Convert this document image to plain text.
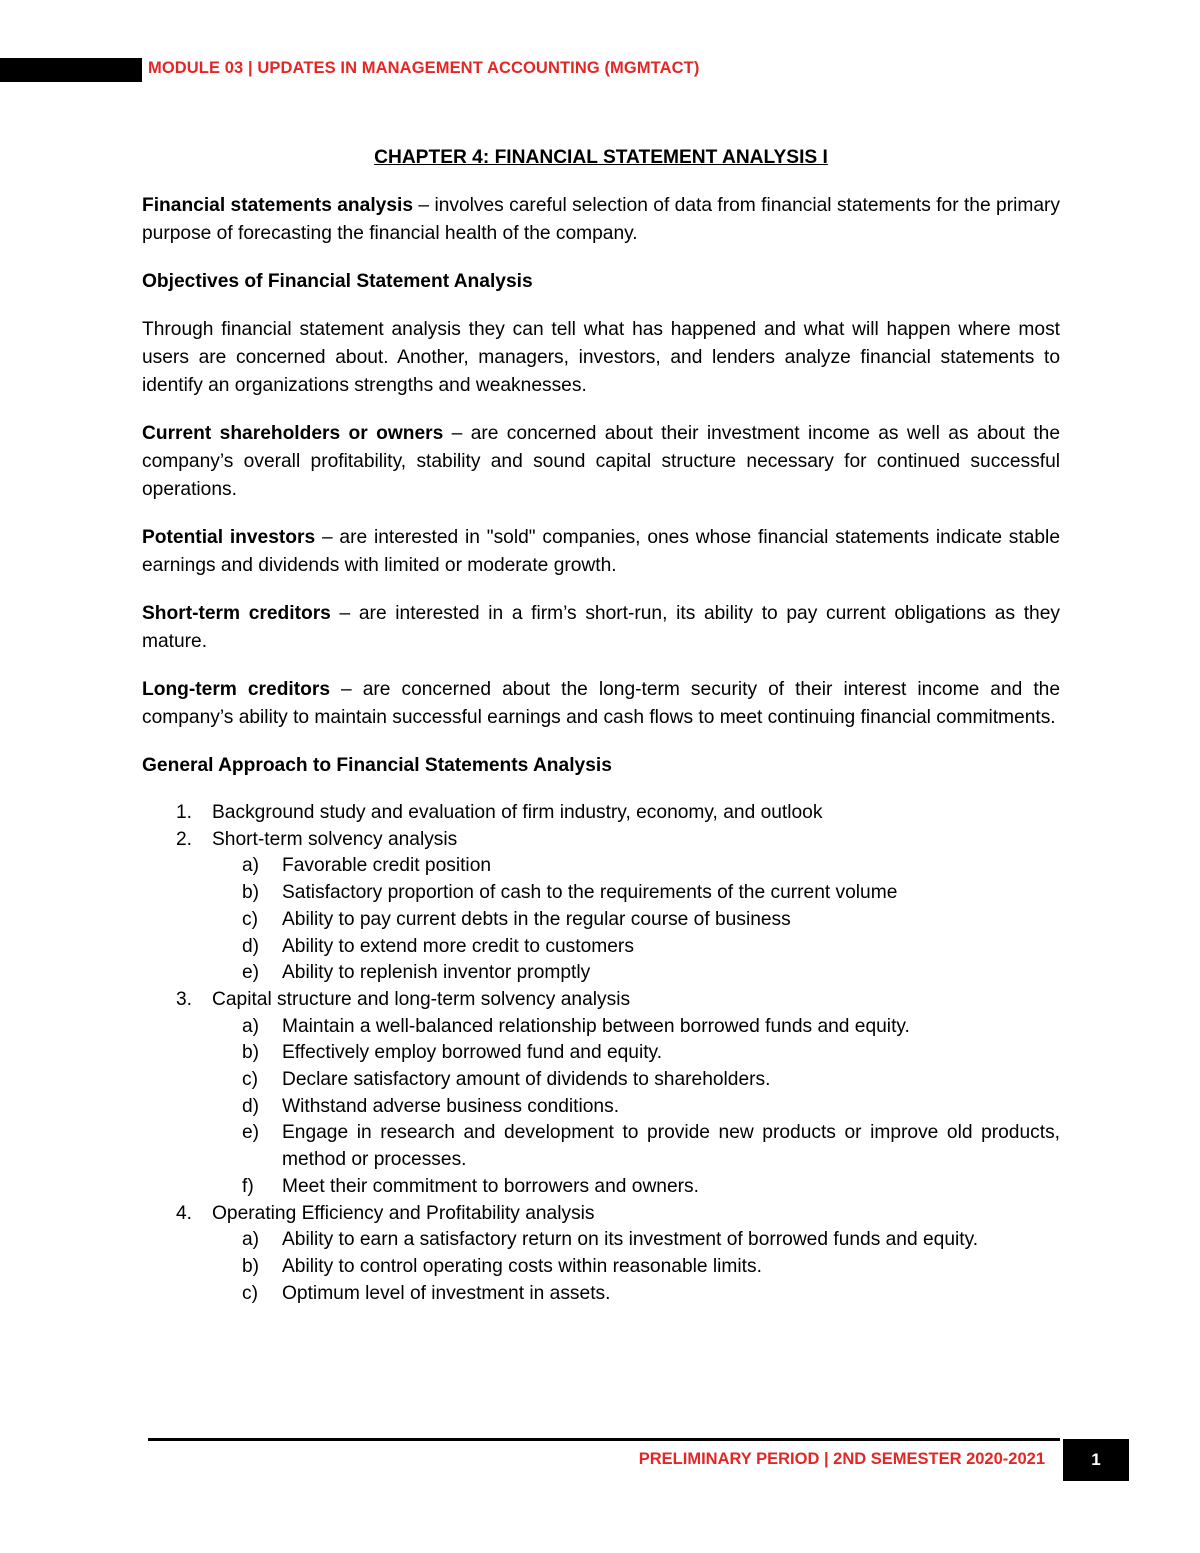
MODULE 03 | UPDATES IN MANAGEMENT ACCOUNTING (MGMTACT)

CHAPTER 4: FINANCIAL STATEMENT ANALYSIS I

Financial statements analysis – involves careful selection of data from financial statements for the primary purpose of forecasting the financial health of the company.

Objectives of Financial Statement Analysis

Through financial statement analysis they can tell what has happened and what will happen where most users are concerned about. Another, managers, investors, and lenders analyze financial statements to identify an organizations strengths and weaknesses.

Current shareholders or owners – are concerned about their investment income as well as about the company’s overall profitability, stability and sound capital structure necessary for continued successful operations.

Potential investors – are interested in "sold" companies, ones whose financial statements indicate stable earnings and dividends with limited or moderate growth.

Short-term creditors – are interested in a firm’s short-run, its ability to pay current obligations as they mature.

Long-term creditors – are concerned about the long-term security of their interest income and the company’s ability to maintain successful earnings and cash flows to meet continuing financial commitments.

General Approach to Financial Statements Analysis

1. Background study and evaluation of firm industry, economy, and outlook
2. Short-term solvency analysis
a) Favorable credit position
b) Satisfactory proportion of cash to the requirements of the current volume
c) Ability to pay current debts in the regular course of business
d) Ability to extend more credit to customers
e) Ability to replenish inventor promptly
3. Capital structure and long-term solvency analysis
a) Maintain a well-balanced relationship between borrowed funds and equity.
b) Effectively employ borrowed fund and equity.
c) Declare satisfactory amount of dividends to shareholders.
d) Withstand adverse business conditions.
e) Engage in research and development to provide new products or improve old products, method or processes.
f) Meet their commitment to borrowers and owners.
4. Operating Efficiency and Profitability analysis
a) Ability to earn a satisfactory return on its investment of borrowed funds and equity.
b) Ability to control operating costs within reasonable limits.
c) Optimum level of investment in assets.
PRELIMINARY PERIOD | 2ND SEMESTER 2020-2021	1
